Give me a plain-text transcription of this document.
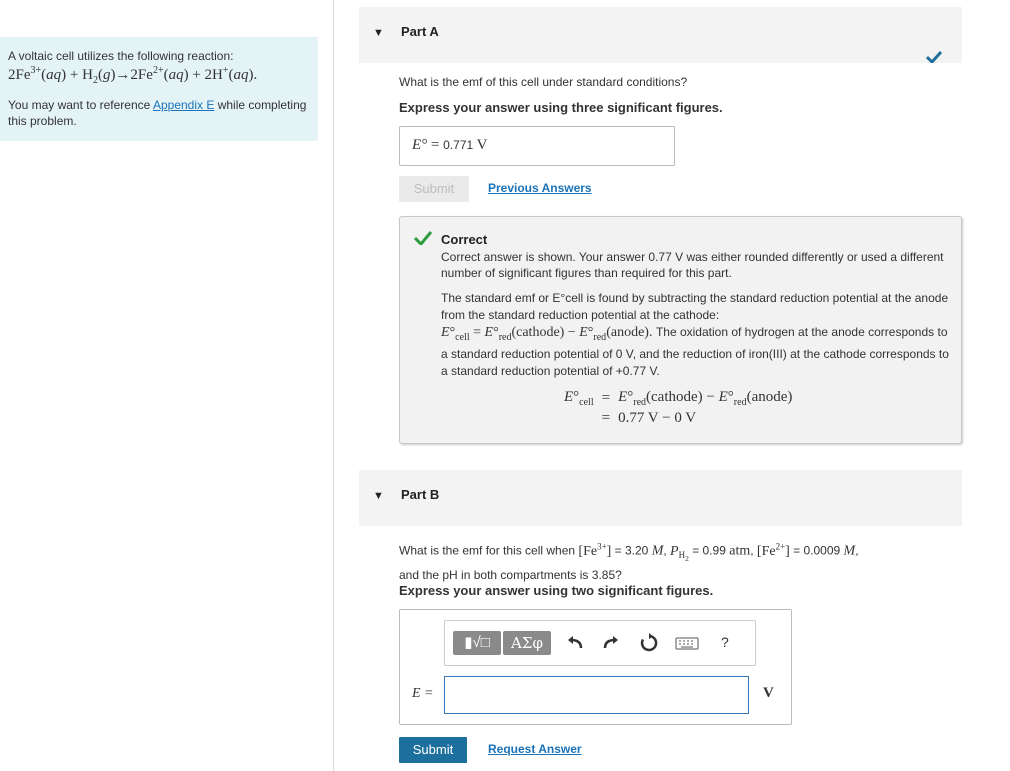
A voltaic cell utilizes the following reaction:
$2Fe^{3+}(aq) + H_2(g)\to 2Fe^{2+}(aq) + 2H^+(aq)$.
You may want to reference Appendix E while completing this problem.
▼ Part A
What is the emf of this cell under standard conditions?
Express your answer using three significant figures.
E° = 0.771 V
Submit	Previous Answers
Correct
Correct answer is shown. Your answer 0.77 V was either rounded differently or used a different number of significant figures than required for this part.
The standard emf or E°cell is found by subtracting the standard reduction potential at the anode from the standard reduction potential at the cathode:
$E^\circ_{cell}$ = $E^\circ_{red}(cathode)$ − $E^\circ_{red}(anode)$. The oxidation of hydrogen at the anode corresponds to a standard reduction potential of 0 V, and the reduction of iron(III) at the cathode corresponds to a standard reduction potential of +0.77 V.
$E^\circ_{cell}$	=	$E^\circ_{red}(cathode)$ − $E^\circ_{red}(anode)$
	=	0.77 V − 0 V
▼ Part B
What is the emf for this cell when $[Fe^{3+}] = 3.20$ M, $P_{H_2} = 0.99$ atm, $[Fe^{2+}] = 0.0009$ M,
and the pH in both compartments is 3.85?
Express your answer using two significant figures.
▮√□	ΑΣφ	?
E =	V
Submit	Request Answer
